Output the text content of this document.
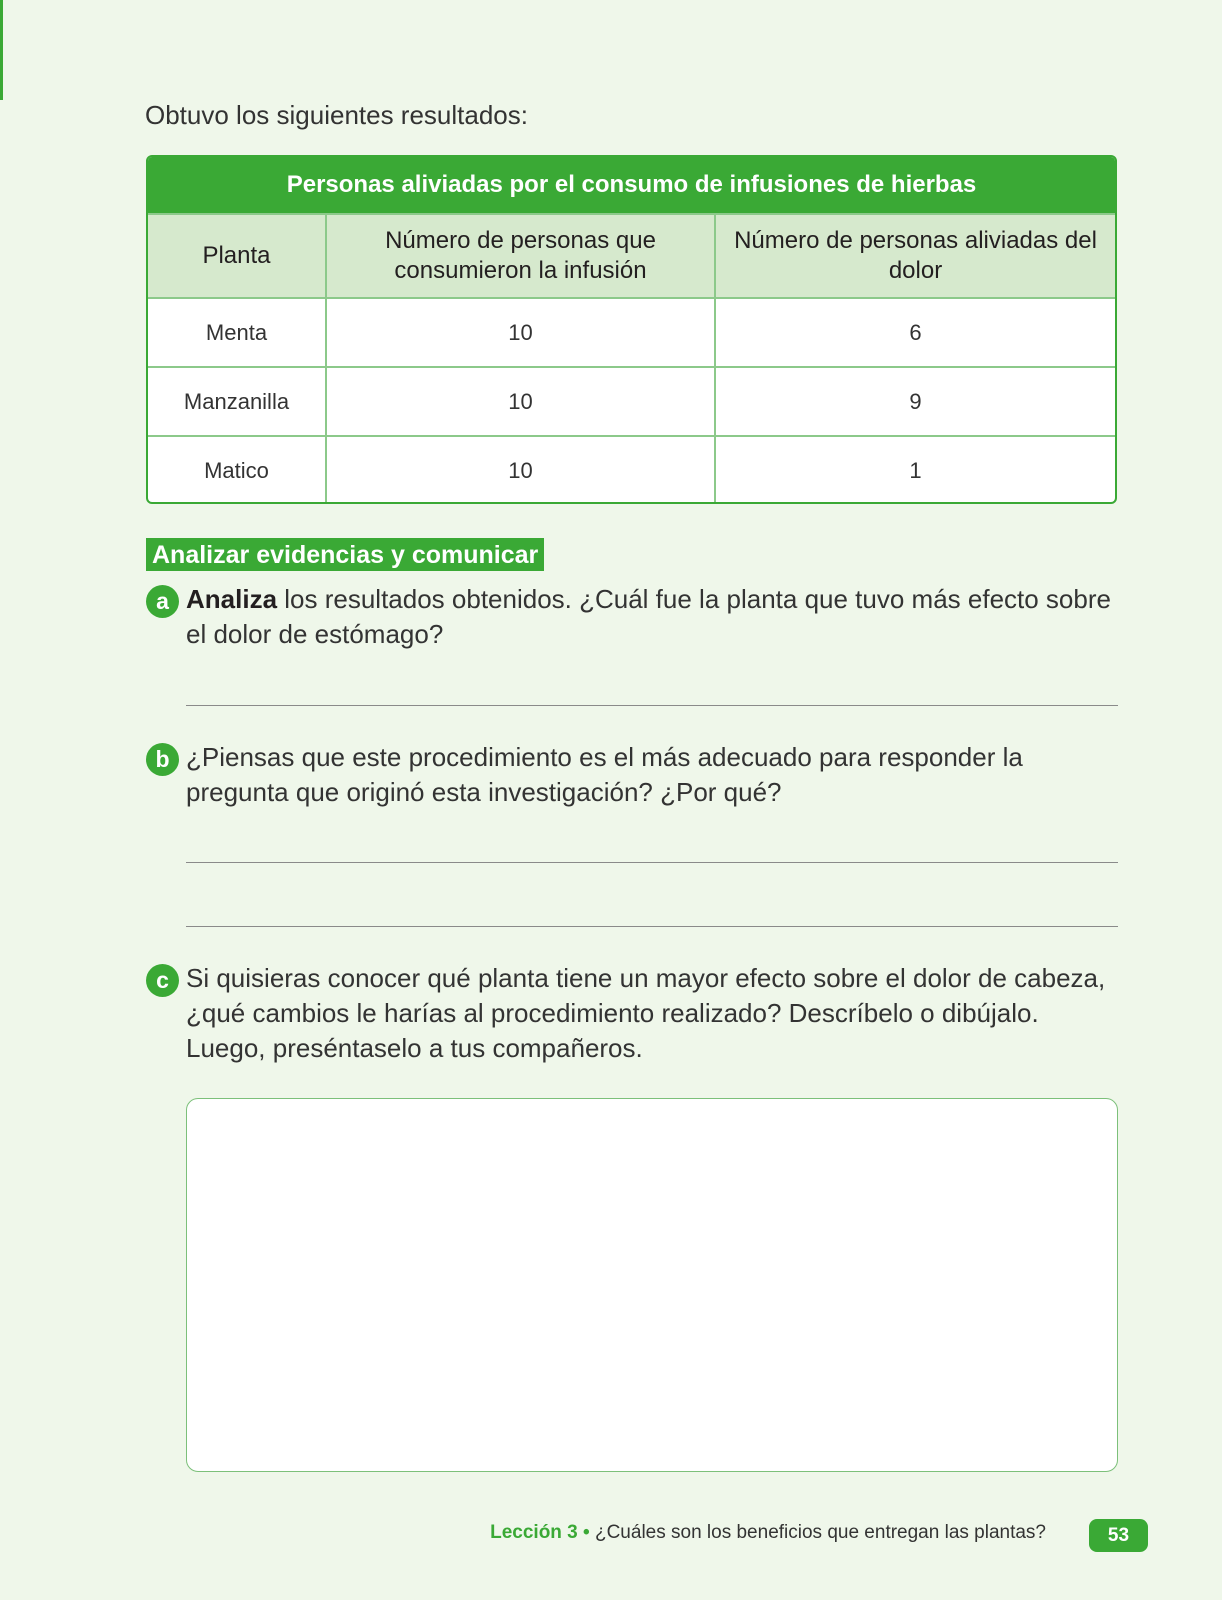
Obtuvo los siguientes resultados:

Personas aliviadas por el consumo de infusiones de hierbas		
Planta	Número de personas que consumieron la infusión	Número de personas aliviadas del dolor
Menta	10	6
Manzanilla	10	9
Matico	10	1
Analizar evidencias y comunicar
a Analiza los resultados obtenidos. ¿Cuál fue la planta que tuvo más efecto sobre el dolor de estómago?

b ¿Piensas que este procedimiento es el más adecuado para responder la pregunta que originó esta investigación? ¿Por qué?

c Si quisieras conocer qué planta tiene un mayor efecto sobre el dolor de cabeza, ¿qué cambios le harías al procedimiento realizado? Descríbelo o dibújalo. Luego, preséntaselo a tus compañeros.

Lección 3 • ¿Cuáles son los beneficios que entregan las plantas?	53
